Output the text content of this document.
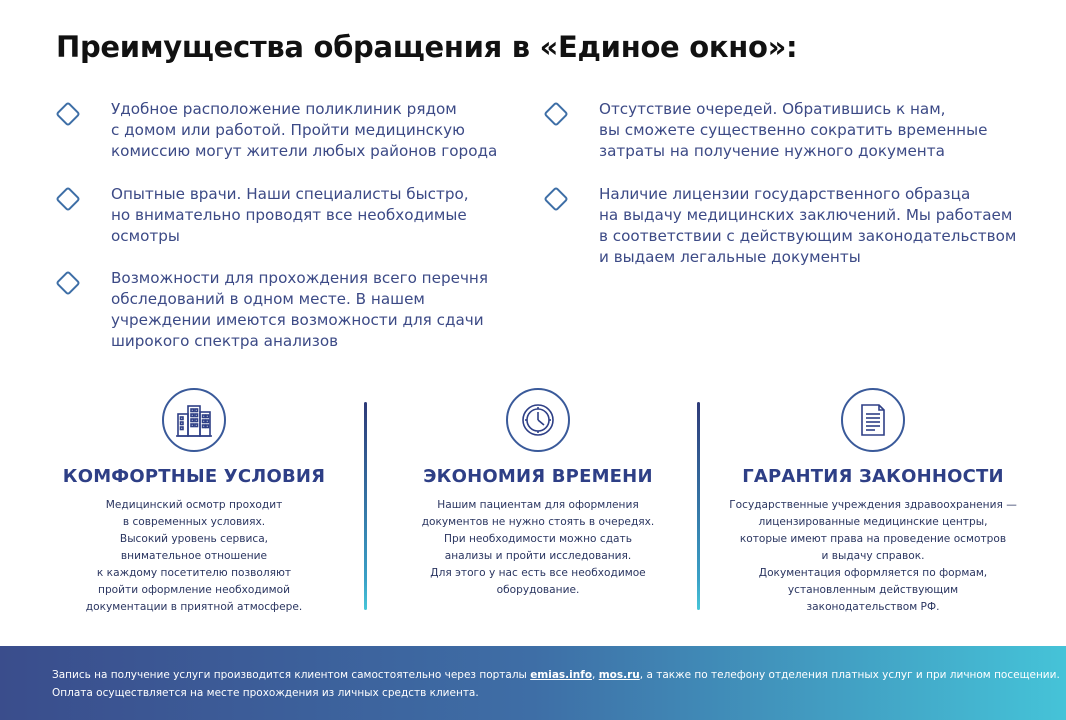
Преимущества обращения в «Единое окно»:
Удобное расположение поликлиник рядом
с домом или работой. Пройти медицинскую
комиссию могут жители любых районов города
Опытные врачи. Наши специалисты быстро,
но внимательно проводят все необходимые
осмотры
Возможности для прохождения всего перечня
обследований в одном месте. В нашем
учреждении имеются возможности для сдачи
широкого спектра анализов
Отсутствие очередей. Обратившись к нам,
вы сможете существенно сократить временные
затраты на получение нужного документа
Наличие лицензии государственного образца
на выдачу медицинских заключений. Мы работаем
в соответствии с действующим законодательством
и выдаем легальные документы
КОМФОРТНЫЕ УСЛОВИЯ
Медицинский осмотр проходит
в современных условиях.
Высокий уровень сервиса,
внимательное отношение
к каждому посетителю позволяют
пройти оформление необходимой
документации в приятной атмосфере.
ЭКОНОМИЯ ВРЕМЕНИ
Нашим пациентам для оформления
документов не нужно стоять в очередях.
При необходимости можно сдать
анализы и пройти исследования.
Для этого у нас есть все необходимое
оборудование.
ГАРАНТИЯ ЗАКОННОСТИ
Государственные учреждения здравоохранения —
лицензированные медицинские центры,
которые имеют права на проведение осмотров
и выдачу справок.
Документация оформляется по формам,
установленным действующим
законодательством РФ.
Запись на получение услуги производится клиентом самостоятельно через порталы emias.info, mos.ru, а также по телефону отделения платных услуг и при личном посещении.
Оплата осуществляется на месте прохождения из личных средств клиента.
